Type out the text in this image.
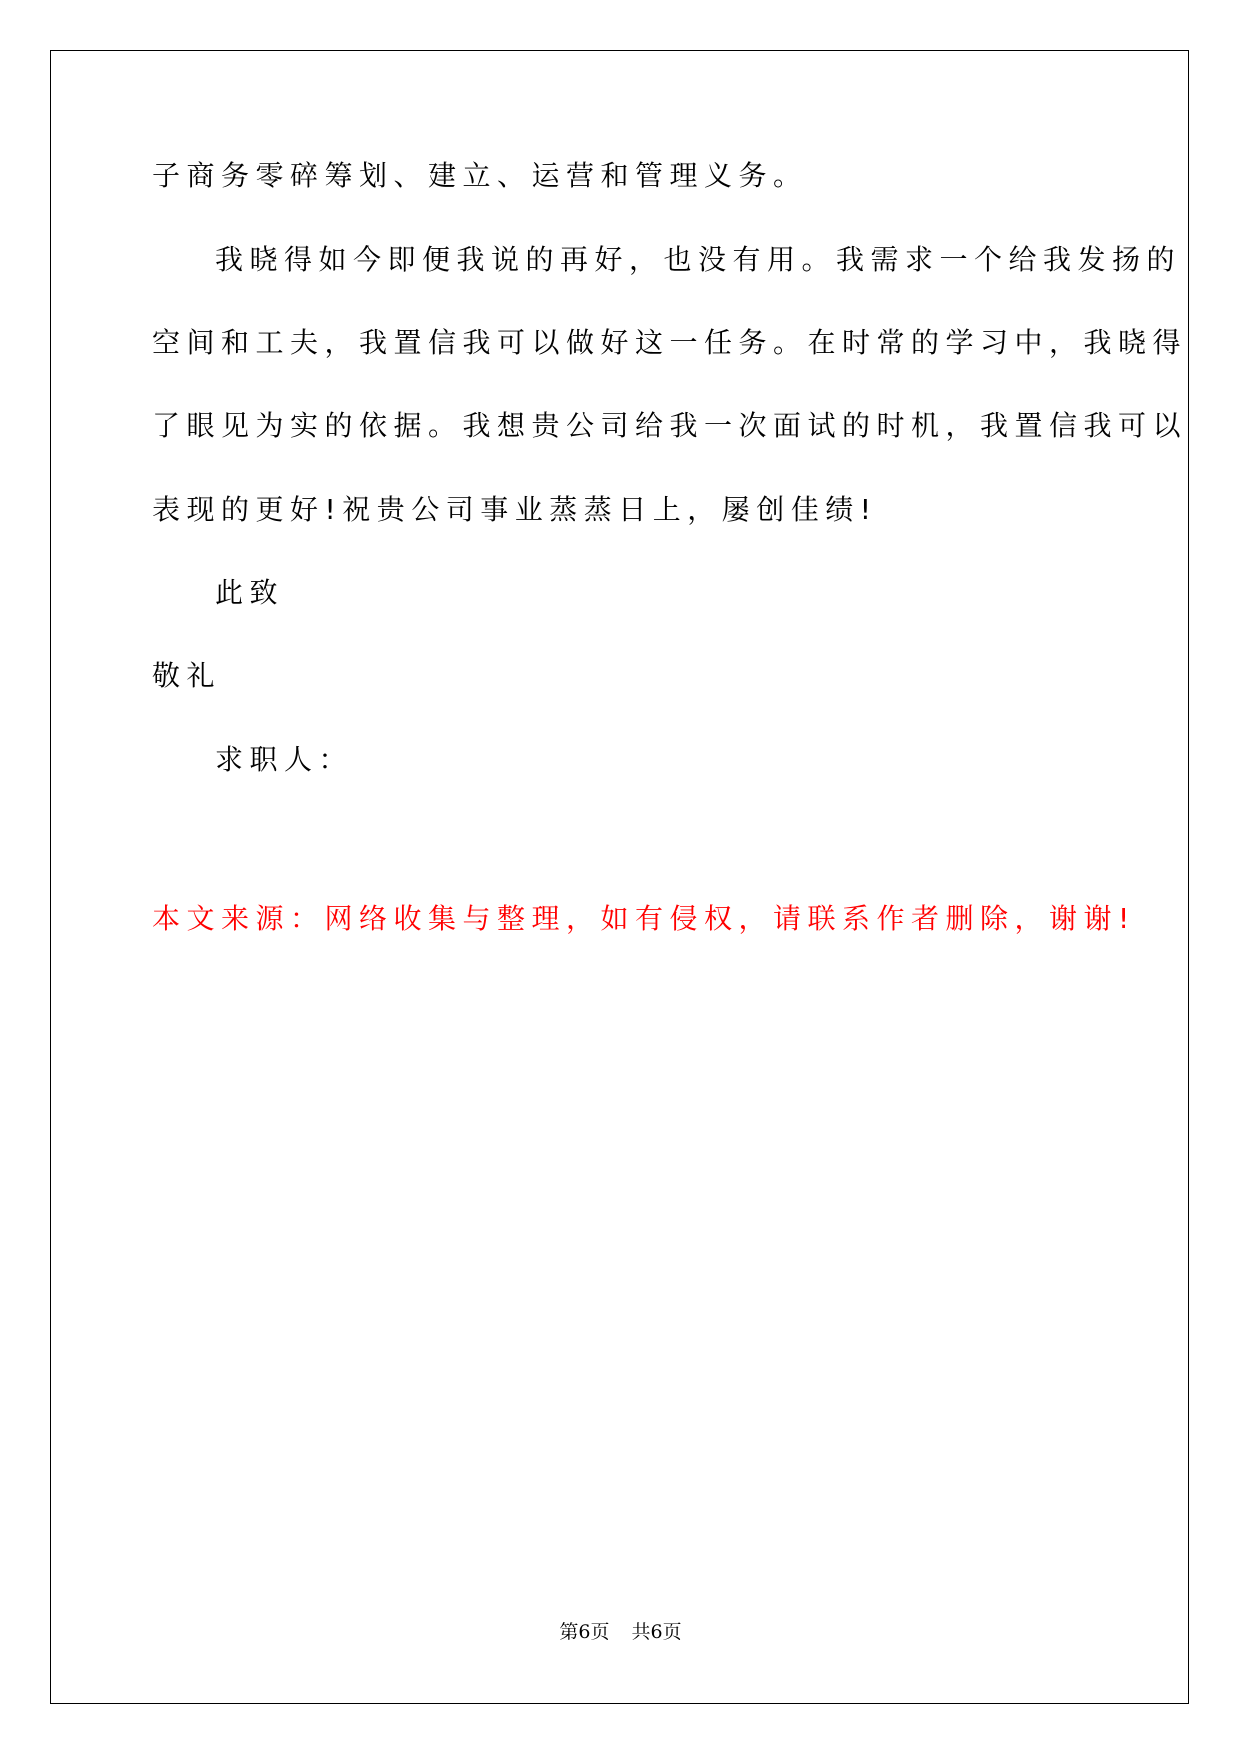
子商务零碎筹划、建立、运营和管理义务。
我晓得如今即便我说的再好，也没有用。我需求一个给我发扬的
空间和工夫，我置信我可以做好这一任务。在时常的学习中，我晓得
了眼见为实的依据。我想贵公司给我一次面试的时机，我置信我可以
表现的更好!祝贵公司事业蒸蒸日上，屡创佳绩!
此致
敬礼
求职人：
本文来源：网络收集与整理，如有侵权，请联系作者删除，谢谢!
第6页 共6页
